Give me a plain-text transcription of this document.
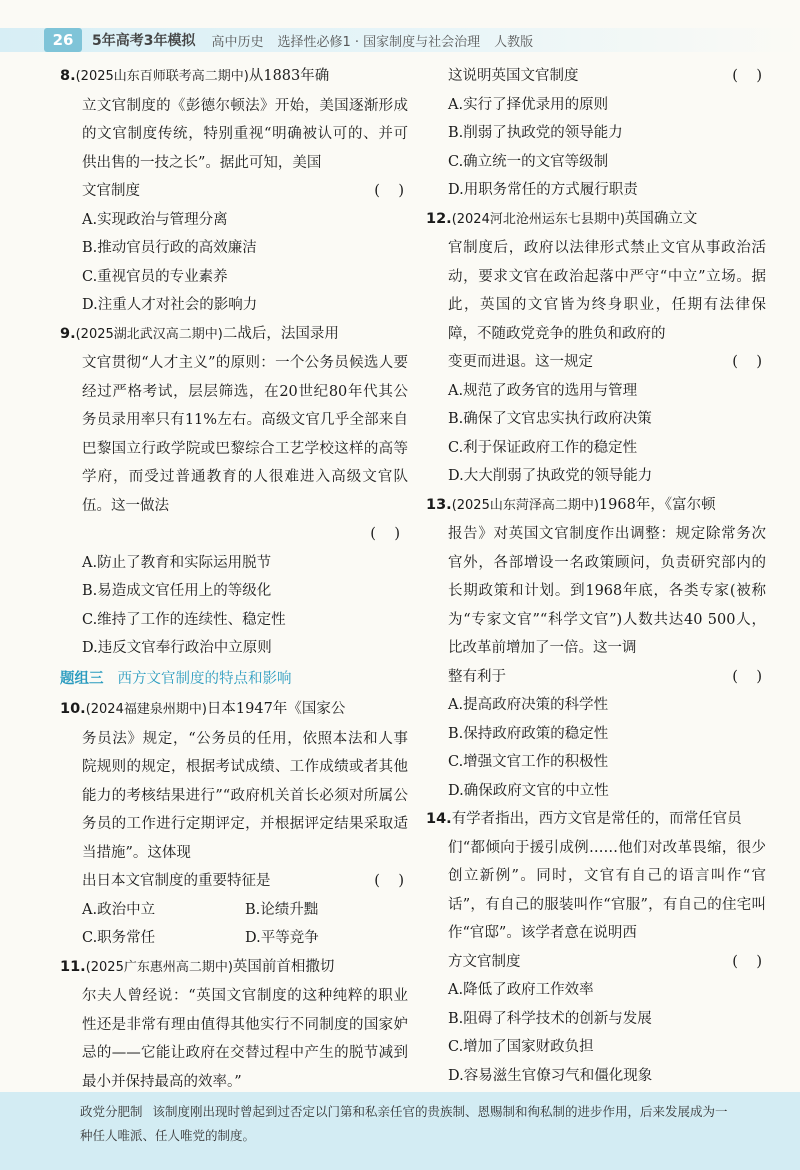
26	5年高考3年模拟 高中历史 选择性必修1 · 国家制度与社会治理 人教版
8.(2025山东百师联考高二期中)从1883年确
立文官制度的《彭德尔顿法》开始，美国逐渐形成的文官制度传统，特别重视“明确被认可的、并可供出售的一技之长”。据此可知，美国
文官制度	(    )
A.实现政治与管理分离
B.推动官员行政的高效廉洁
C.重视官员的专业素养
D.注重人才对社会的影响力
9.(2025湖北武汉高二期中)二战后，法国录用
文官贯彻“人才主义”的原则：一个公务员候选人要经过严格考试，层层筛选，在20世纪80年代其公务员录用率只有11%左右。高级文官几乎全部来自巴黎国立行政学院或巴黎综合工艺学校这样的高等学府，而受过普通教育的人很难进入高级文官队伍。这一做法
(    )
A.防止了教育和实际运用脱节
B.易造成文官任用上的等级化
C.维持了工作的连续性、稳定性
D.违反文官奉行政治中立原则
题组三 西方文官制度的特点和影响
10.(2024福建泉州期中)日本1947年《国家公
务员法》规定，“公务员的任用，依照本法和人事院规则的规定，根据考试成绩、工作成绩或者其他能力的考核结果进行”“政府机关首长必须对所属公务员的工作进行定期评定，并根据评定结果采取适当措施”。这体现
出日本文官制度的重要特征是	(    )
A.政治中立	B.论绩升黜
C.职务常任	D.平等竞争
11.(2025广东惠州高二期中)英国前首相撒切
尔夫人曾经说：“英国文官制度的这种纯粹的职业性还是非常有理由值得其他实行不同制度的国家妒忌的——它能让政府在交替过程中产生的脱节减到最小并保持最高的效率。”
这说明英国文官制度	(    )
A.实行了择优录用的原则
B.削弱了执政党的领导能力
C.确立统一的文官等级制
D.用职务常任的方式履行职责
12.(2024河北沧州运东七县期中)英国确立文
官制度后，政府以法律形式禁止文官从事政治活动，要求文官在政治起落中严守“中立”立场。据此，英国的文官皆为终身职业，任期有法律保障，不随政党竞争的胜负和政府的
变更而进退。这一规定	(    )
A.规范了政务官的选用与管理
B.确保了文官忠实执行政府决策
C.利于保证政府工作的稳定性
D.大大削弱了执政党的领导能力
13.(2025山东菏泽高二期中)1968年，《富尔顿
报告》对英国文官制度作出调整：规定除常务次官外，各部增设一名政策顾问，负责研究部内的长期政策和计划。到1968年底，各类专家(被称为“专家文官”“科学文官”)人数共达40 500人，比改革前增加了一倍。这一调
整有利于	(    )
A.提高政府决策的科学性
B.保持政府政策的稳定性
C.增强文官工作的积极性
D.确保政府文官的中立性
14.有学者指出，西方文官是常任的，而常任官员
们“都倾向于援引成例……他们对改革畏缩，很少创立新例”。同时，文官有自己的语言叫作“官话”，有自己的服装叫作“官服”，有自己的住宅叫作“官邸”。该学者意在说明西
方文官制度	(    )
A.降低了政府工作效率
B.阻碍了科学技术的创新与发展
C.增加了国家财政负担
D.容易滋生官僚习气和僵化现象
政党分肥制 该制度刚出现时曾起到过否定以门第和私亲任官的贵族制、恩赐制和徇私制的进步作用，后来发展成为一种任人唯派、任人唯党的制度。
